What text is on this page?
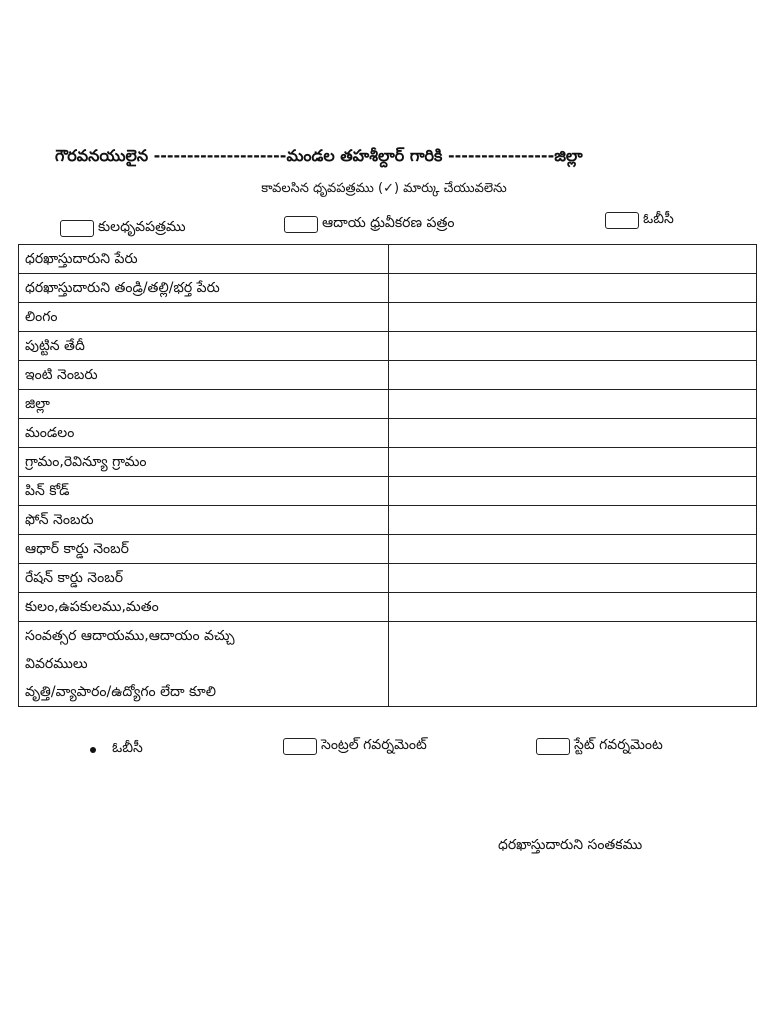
గౌరవనయులైన --------------------మండల తహశీల్దార్ గారికి ----------------జిల్లా
కావలసిన ధృవపత్రము (✓) మార్కు చేయువలెను
కులధృవపత్రము	ఆదాయ ధ్రువీకరణ పత్రం	ఓబీసీ
ధరఖాస్తుదారుని పేరు	
ధరఖాస్తుదారుని తండ్రి/తల్లి/భర్త పేరు	
లింగం	
పుట్టిన తేదీ	
ఇంటి నెంబరు	
జిల్లా	
మండలం	
గ్రామం,రెవిన్యూ గ్రామం	
పిన్ కోడ్	
ఫోన్ నెంబరు	
ఆధార్ కార్డు నెంబర్	
రేషన్ కార్డు నెంబర్	
కులం,ఉపకులము,మతం	

సంవత్సర ఆదాయము,ఆదాయం వచ్చు
వివరములు
వృత్తి/వ్యాపారం/ఉద్యోగం లేదా కూలి	

ఓబీసీ	సెంట్రల్ గవర్నమెంట్	స్టేట్ గవర్నమెంట
ధరఖాస్తుదారుని సంతకము
